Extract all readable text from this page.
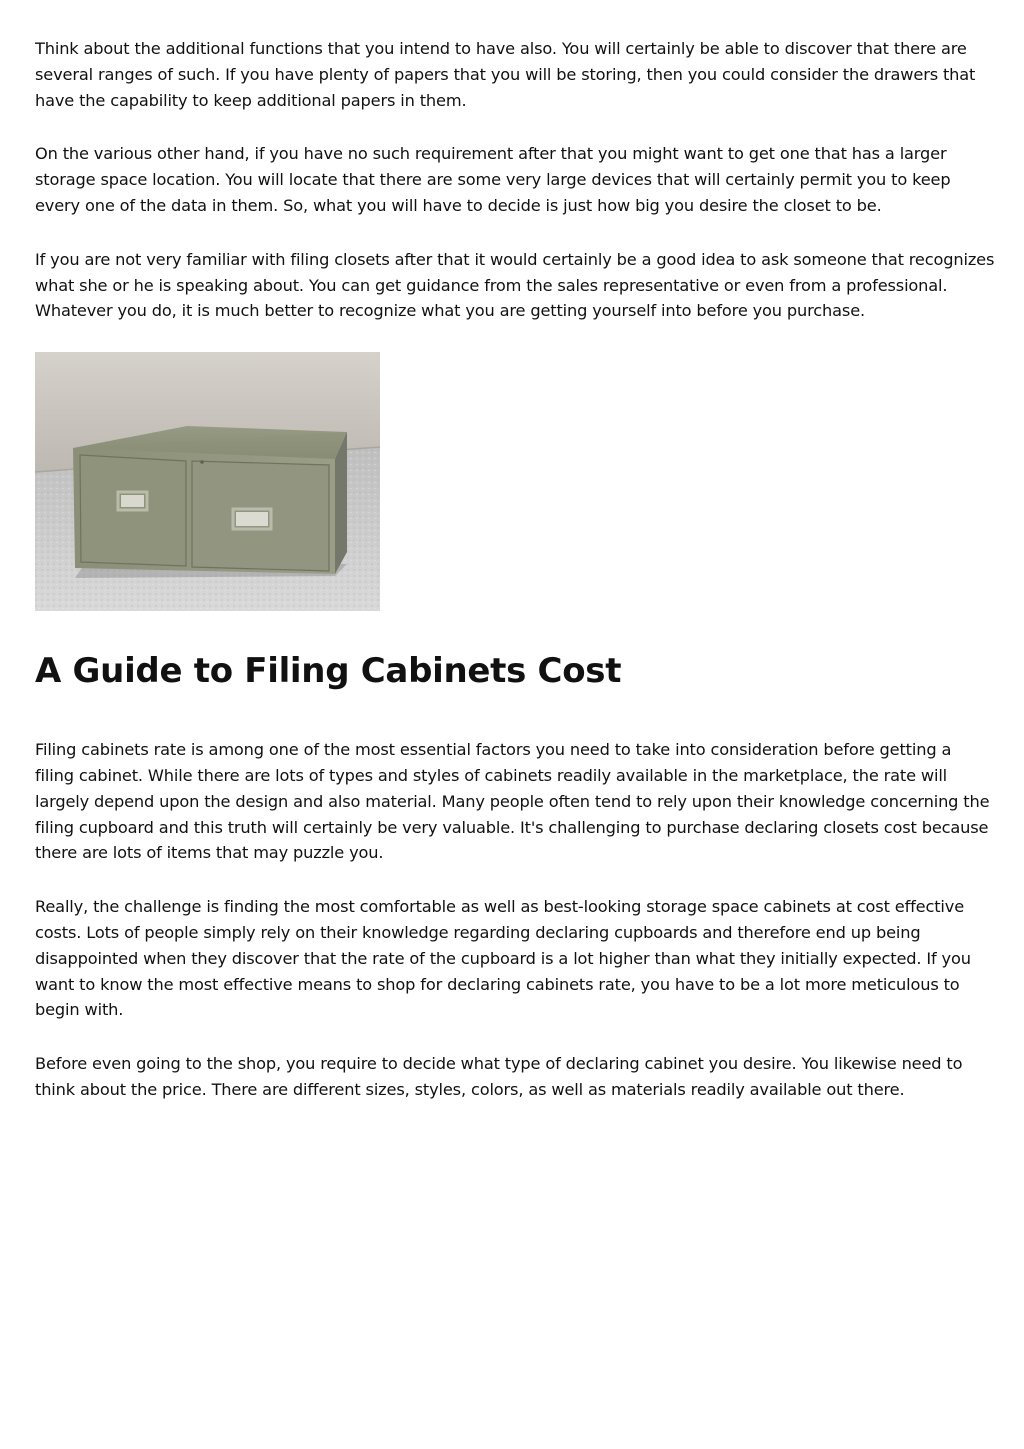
Think about the additional functions that you intend to have also. You will certainly be able to discover that there are several ranges of such. If you have plenty of papers that you will be storing, then you could consider the drawers that have the capability to keep additional papers in them.

On the various other hand, if you have no such requirement after that you might want to get one that has a larger storage space location. You will locate that there are some very large devices that will certainly permit you to keep every one of the data in them. So, what you will have to decide is just how big you desire the closet to be.

If you are not very familiar with filing closets after that it would certainly be a good idea to ask someone that recognizes what she or he is speaking about. You can get guidance from the sales representative or even from a professional. Whatever you do, it is much better to recognize what you are getting yourself into before you purchase.

A Guide to Filing Cabinets Cost

Filing cabinets rate is among one of the most essential factors you need to take into consideration before getting a filing cabinet. While there are lots of types and styles of cabinets readily available in the marketplace, the rate will largely depend upon the design and also material. Many people often tend to rely upon their knowledge concerning the filing cupboard and this truth will certainly be very valuable. It's challenging to purchase declaring closets cost because there are lots of items that may puzzle you.

Really, the challenge is finding the most comfortable as well as best-looking storage space cabinets at cost effective costs. Lots of people simply rely on their knowledge regarding declaring cupboards and therefore end up being disappointed when they discover that the rate of the cupboard is a lot higher than what they initially expected. If you want to know the most effective means to shop for declaring cabinets rate, you have to be a lot more meticulous to begin with.

Before even going to the shop, you require to decide what type of declaring cabinet you desire. You likewise need to think about the price. There are different sizes, styles, colors, as well as materials readily available out there.
